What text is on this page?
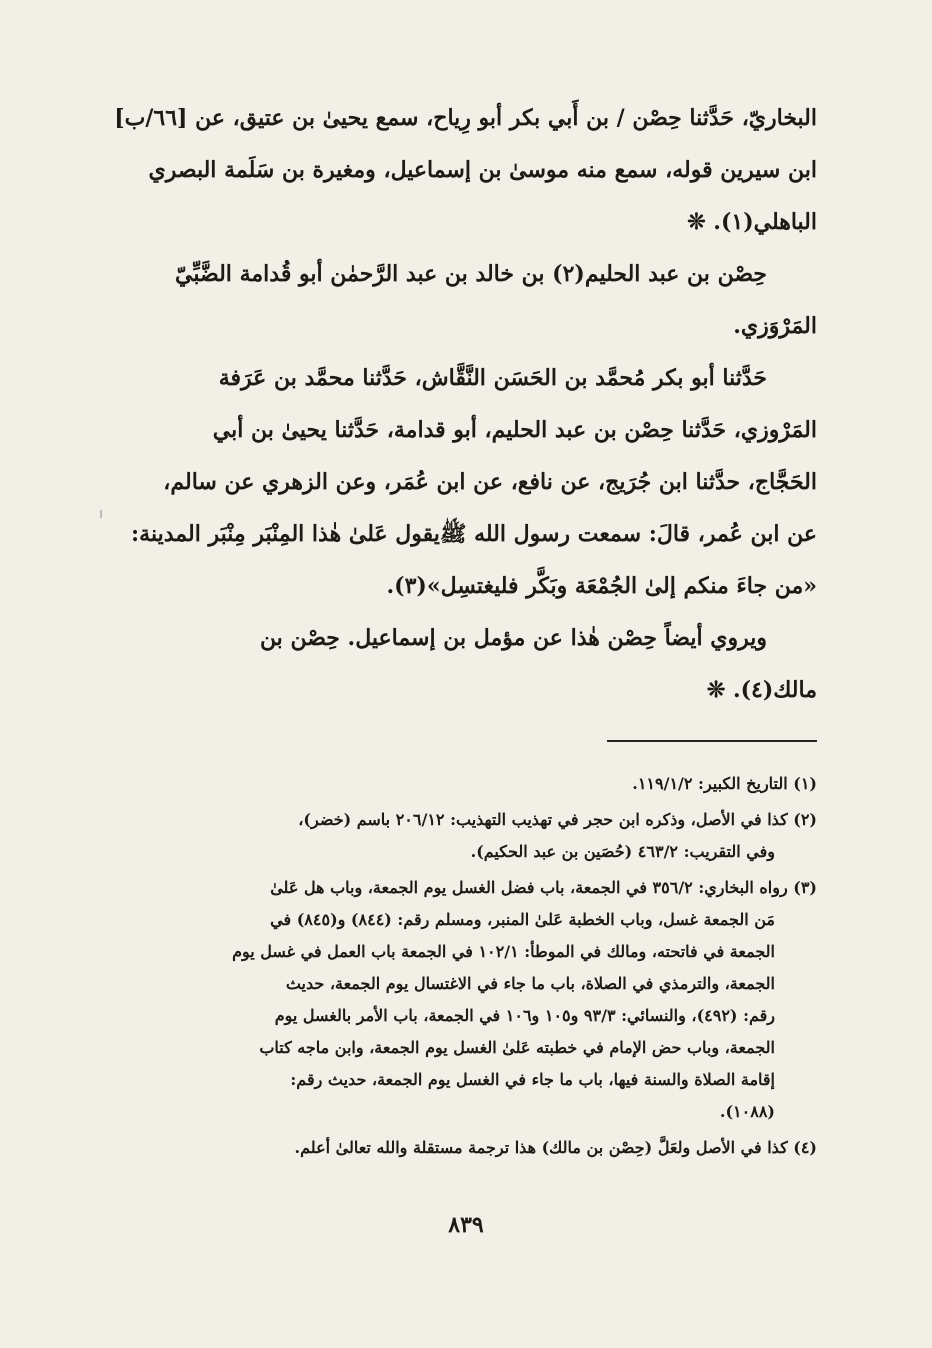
البخاريّ، حَدَّثنا حِصْن / بن أَبي بكر أبو رِياح، سمع يحيىٰ بن عتيق، عن [٦٦/ب]
ابن سيرين قوله، سمع منه موسىٰ بن إسماعيل، ومغيرة بن سَلَمة البصري
الباهلي(١). ❊
حِصْن بن عبد الحليم(٢) بن خالد بن عبد الرَّحمٰن أبو قُدامة الضَّبِّيّ
المَرْوَزي.
حَدَّثنا أبو بكر مُحمَّد بن الحَسَن النَّقَّاش، حَدَّثنا محمَّد بن عَرَفة
المَرْوزي، حَدَّثنا حِصْن بن عبد الحليم، أبو قدامة، حَدَّثنا يحيىٰ بن أبي
الحَجَّاج، حدَّثنا ابن جُرَيج، عن نافع، عن ابن عُمَر، وعن الزهري عن سالم،
عن ابن عُمر، قالَ: سمعت رسول الله ﷺيقول عَلىٰ هٰذا المِنْبَر مِنْبَر المدينة:
«من جاءَ منكم إلىٰ الجُمْعَة وبَكَّر فليغتسِل»(٣).
ويروي أيضاً حِصْن هٰذا عن مؤمل بن إسماعيل. حِصْن بن
مالك(٤). ❊
(١) التاريخ الكبير: ١١٩/١/٢.
(٢) كذا في الأصل، وذكره ابن حجر في تهذيب التهذيب: ٢٠٦/١٢ باسم (خضر)،
وفي التقريب: ٤٦٣/٢ (حُصَين بن عبد الحكيم).
(٣) رواه البخاري: ٣٥٦/٢ في الجمعة، باب فضل الغسل يوم الجمعة، وباب هل عَلىٰ
مَن الجمعة غسل، وباب الخطبة عَلىٰ المنبر، ومسلم رقم: (٨٤٤) و(٨٤٥) في
الجمعة في فاتحته، ومالك في الموطأ: ١٠٢/١ في الجمعة باب العمل في غسل يوم
الجمعة، والترمذي في الصلاة، باب ما جاء في الاغتسال يوم الجمعة، حديث
رقم: (٤٩٢)، والنسائي: ٩٣/٣ و١٠٥ و١٠٦ في الجمعة، باب الأمر بالغسل يوم
الجمعة، وباب حض الإمام في خطبته عَلىٰ الغسل يوم الجمعة، وابن ماجه كتاب
إقامة الصلاة والسنة فيها، باب ما جاء في الغسل يوم الجمعة، حديث رقم:
(١٠٨٨).
(٤) كذا في الأصل ولعَلَّ (حِصْن بن مالك) هذا ترجمة مستقلة والله تعالىٰ أعلم.
٨٣٩
